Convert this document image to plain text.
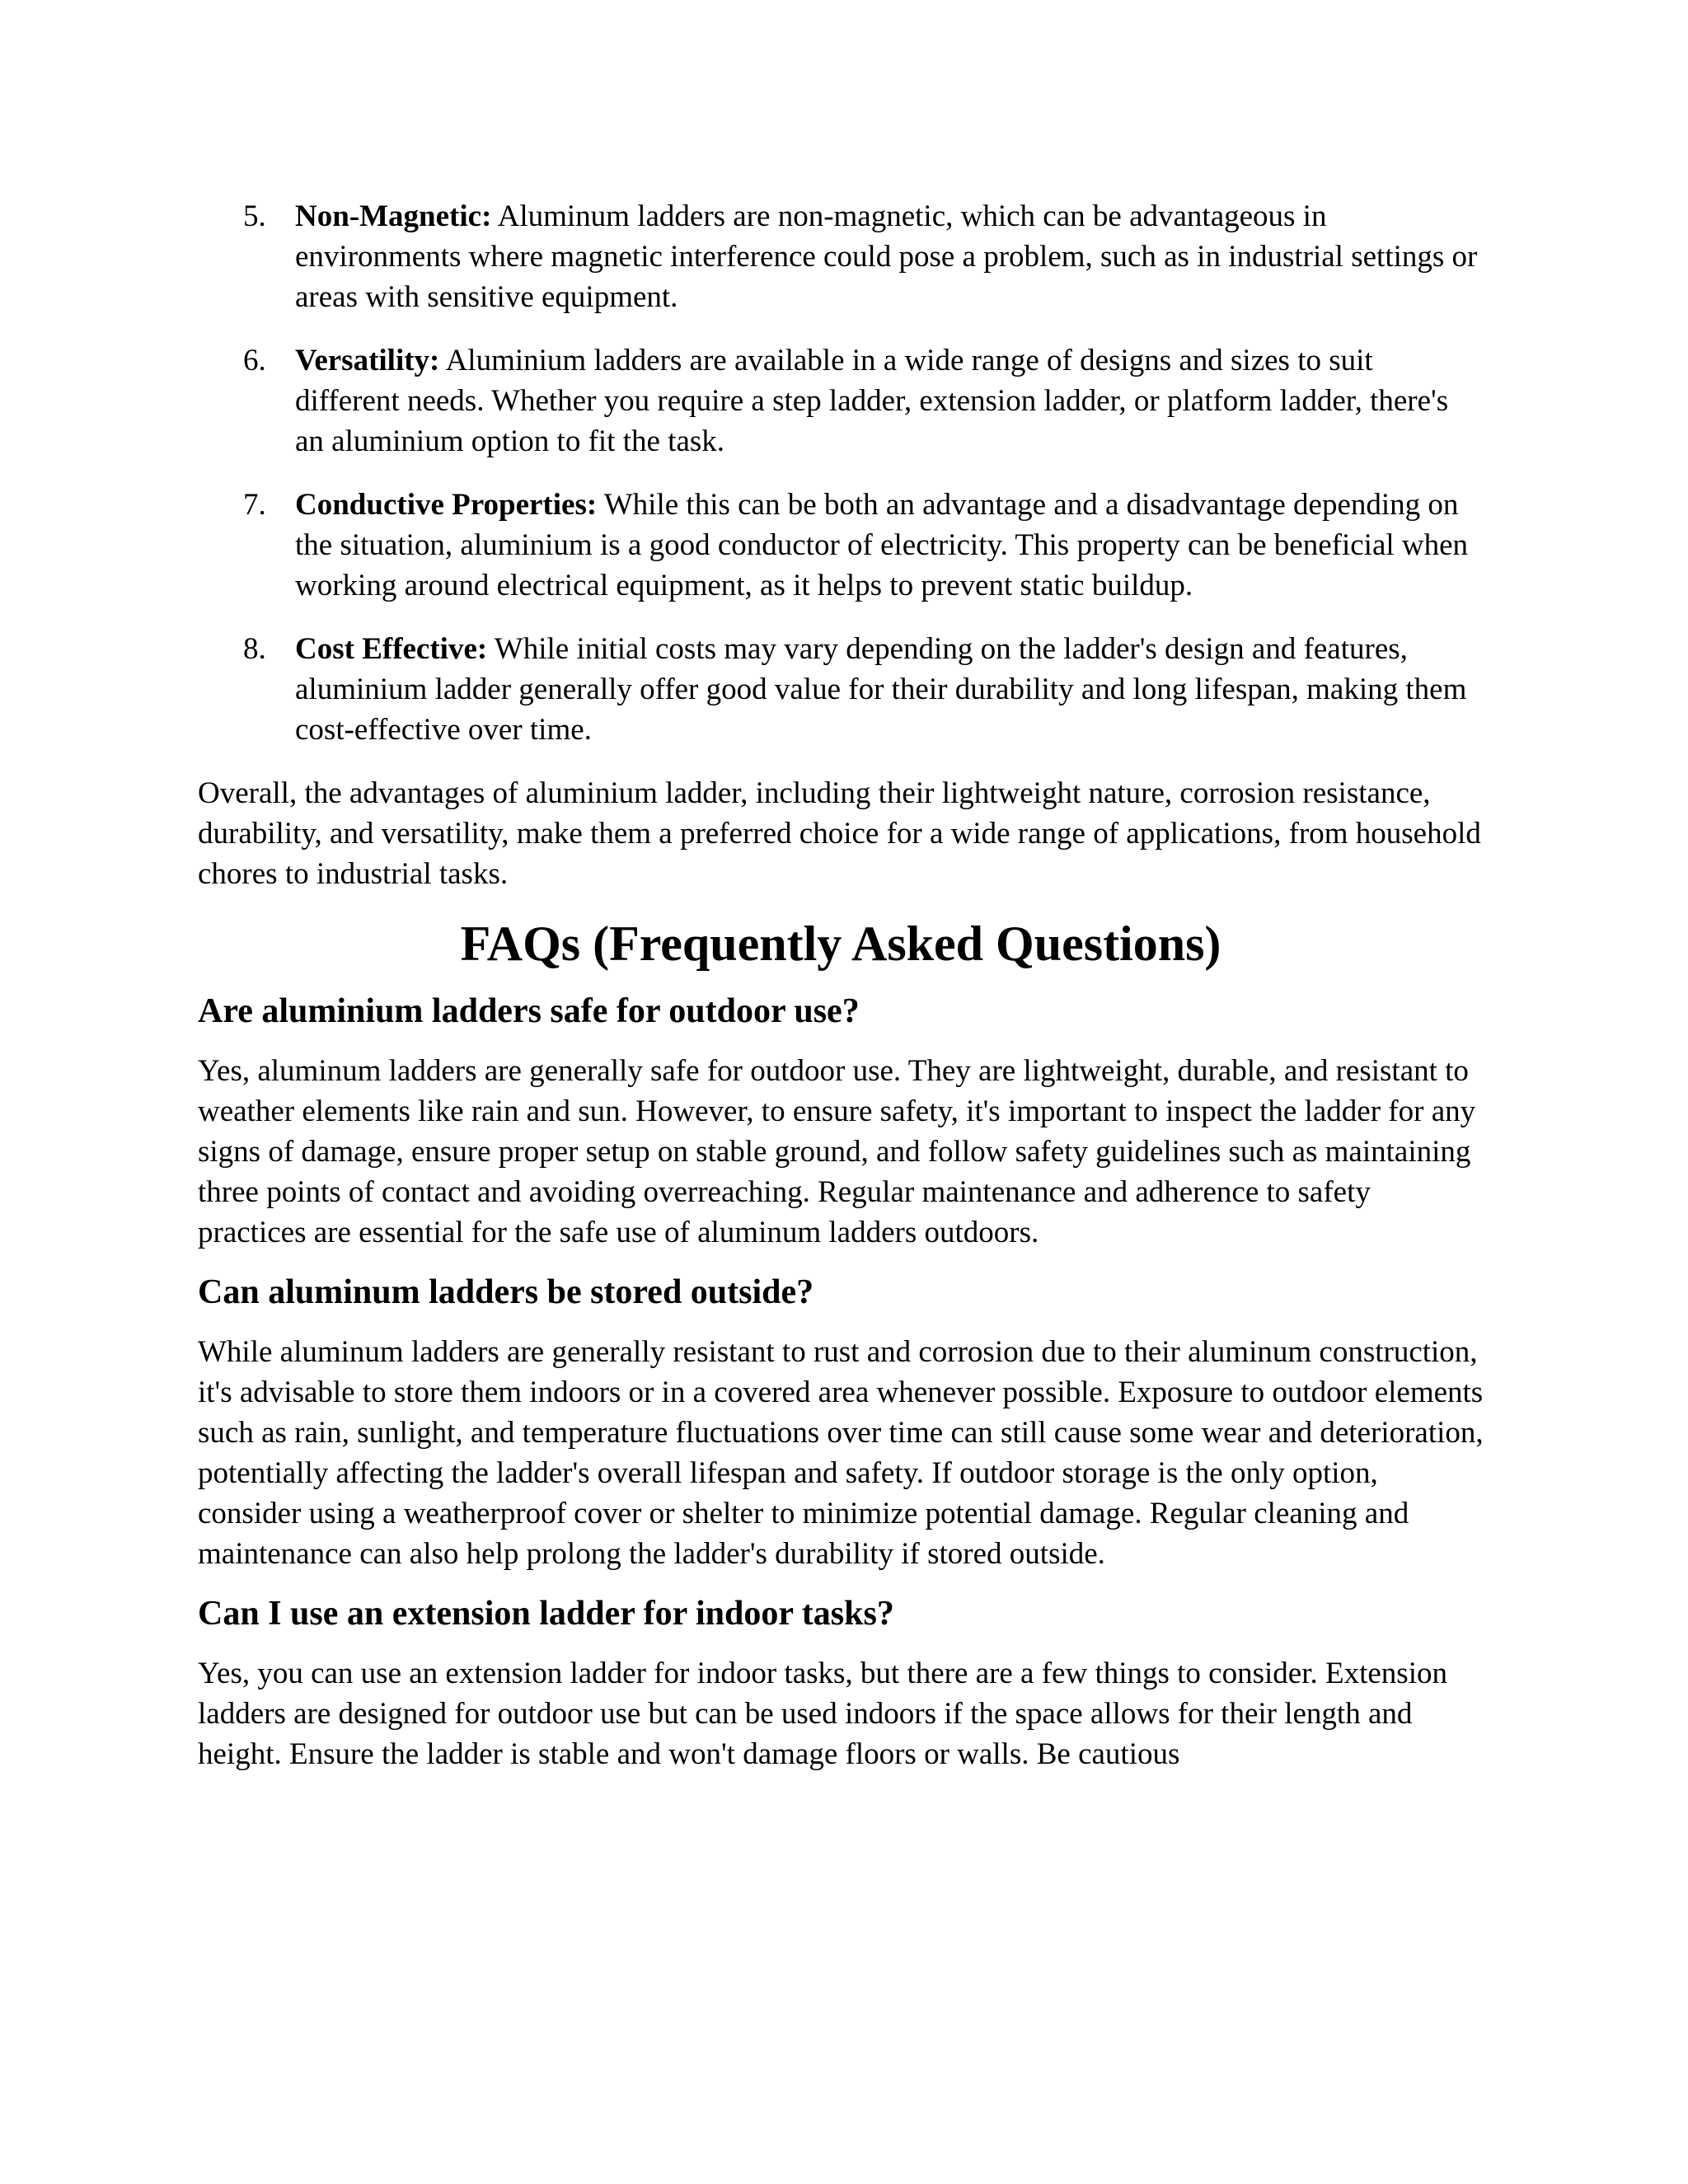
5. Non-Magnetic: Aluminum ladders are non-magnetic, which can be advantageous in environments where magnetic interference could pose a problem, such as in industrial settings or areas with sensitive equipment.
6. Versatility: Aluminium ladders are available in a wide range of designs and sizes to suit different needs. Whether you require a step ladder, extension ladder, or platform ladder, there's an aluminium option to fit the task.
7. Conductive Properties: While this can be both an advantage and a disadvantage depending on the situation, aluminium is a good conductor of electricity. This property can be beneficial when working around electrical equipment, as it helps to prevent static buildup.
8. Cost Effective: While initial costs may vary depending on the ladder's design and features, aluminium ladder generally offer good value for their durability and long lifespan, making them cost-effective over time.

Overall, the advantages of aluminium ladder, including their lightweight nature, corrosion resistance, durability, and versatility, make them a preferred choice for a wide range of applications, from household chores to industrial tasks.

FAQs (Frequently Asked Questions)
Are aluminium ladders safe for outdoor use?

Yes, aluminum ladders are generally safe for outdoor use. They are lightweight, durable, and resistant to weather elements like rain and sun. However, to ensure safety, it's important to inspect the ladder for any signs of damage, ensure proper setup on stable ground, and follow safety guidelines such as maintaining three points of contact and avoiding overreaching. Regular maintenance and adherence to safety practices are essential for the safe use of aluminum ladders outdoors.

Can aluminum ladders be stored outside?

While aluminum ladders are generally resistant to rust and corrosion due to their aluminum construction, it's advisable to store them indoors or in a covered area whenever possible. Exposure to outdoor elements such as rain, sunlight, and temperature fluctuations over time can still cause some wear and deterioration, potentially affecting the ladder's overall lifespan and safety. If outdoor storage is the only option, consider using a weatherproof cover or shelter to minimize potential damage. Regular cleaning and maintenance can also help prolong the ladder's durability if stored outside.

Can I use an extension ladder for indoor tasks?

Yes, you can use an extension ladder for indoor tasks, but there are a few things to consider. Extension ladders are designed for outdoor use but can be used indoors if the space allows for their length and height. Ensure the ladder is stable and won't damage floors or walls. Be cautious
